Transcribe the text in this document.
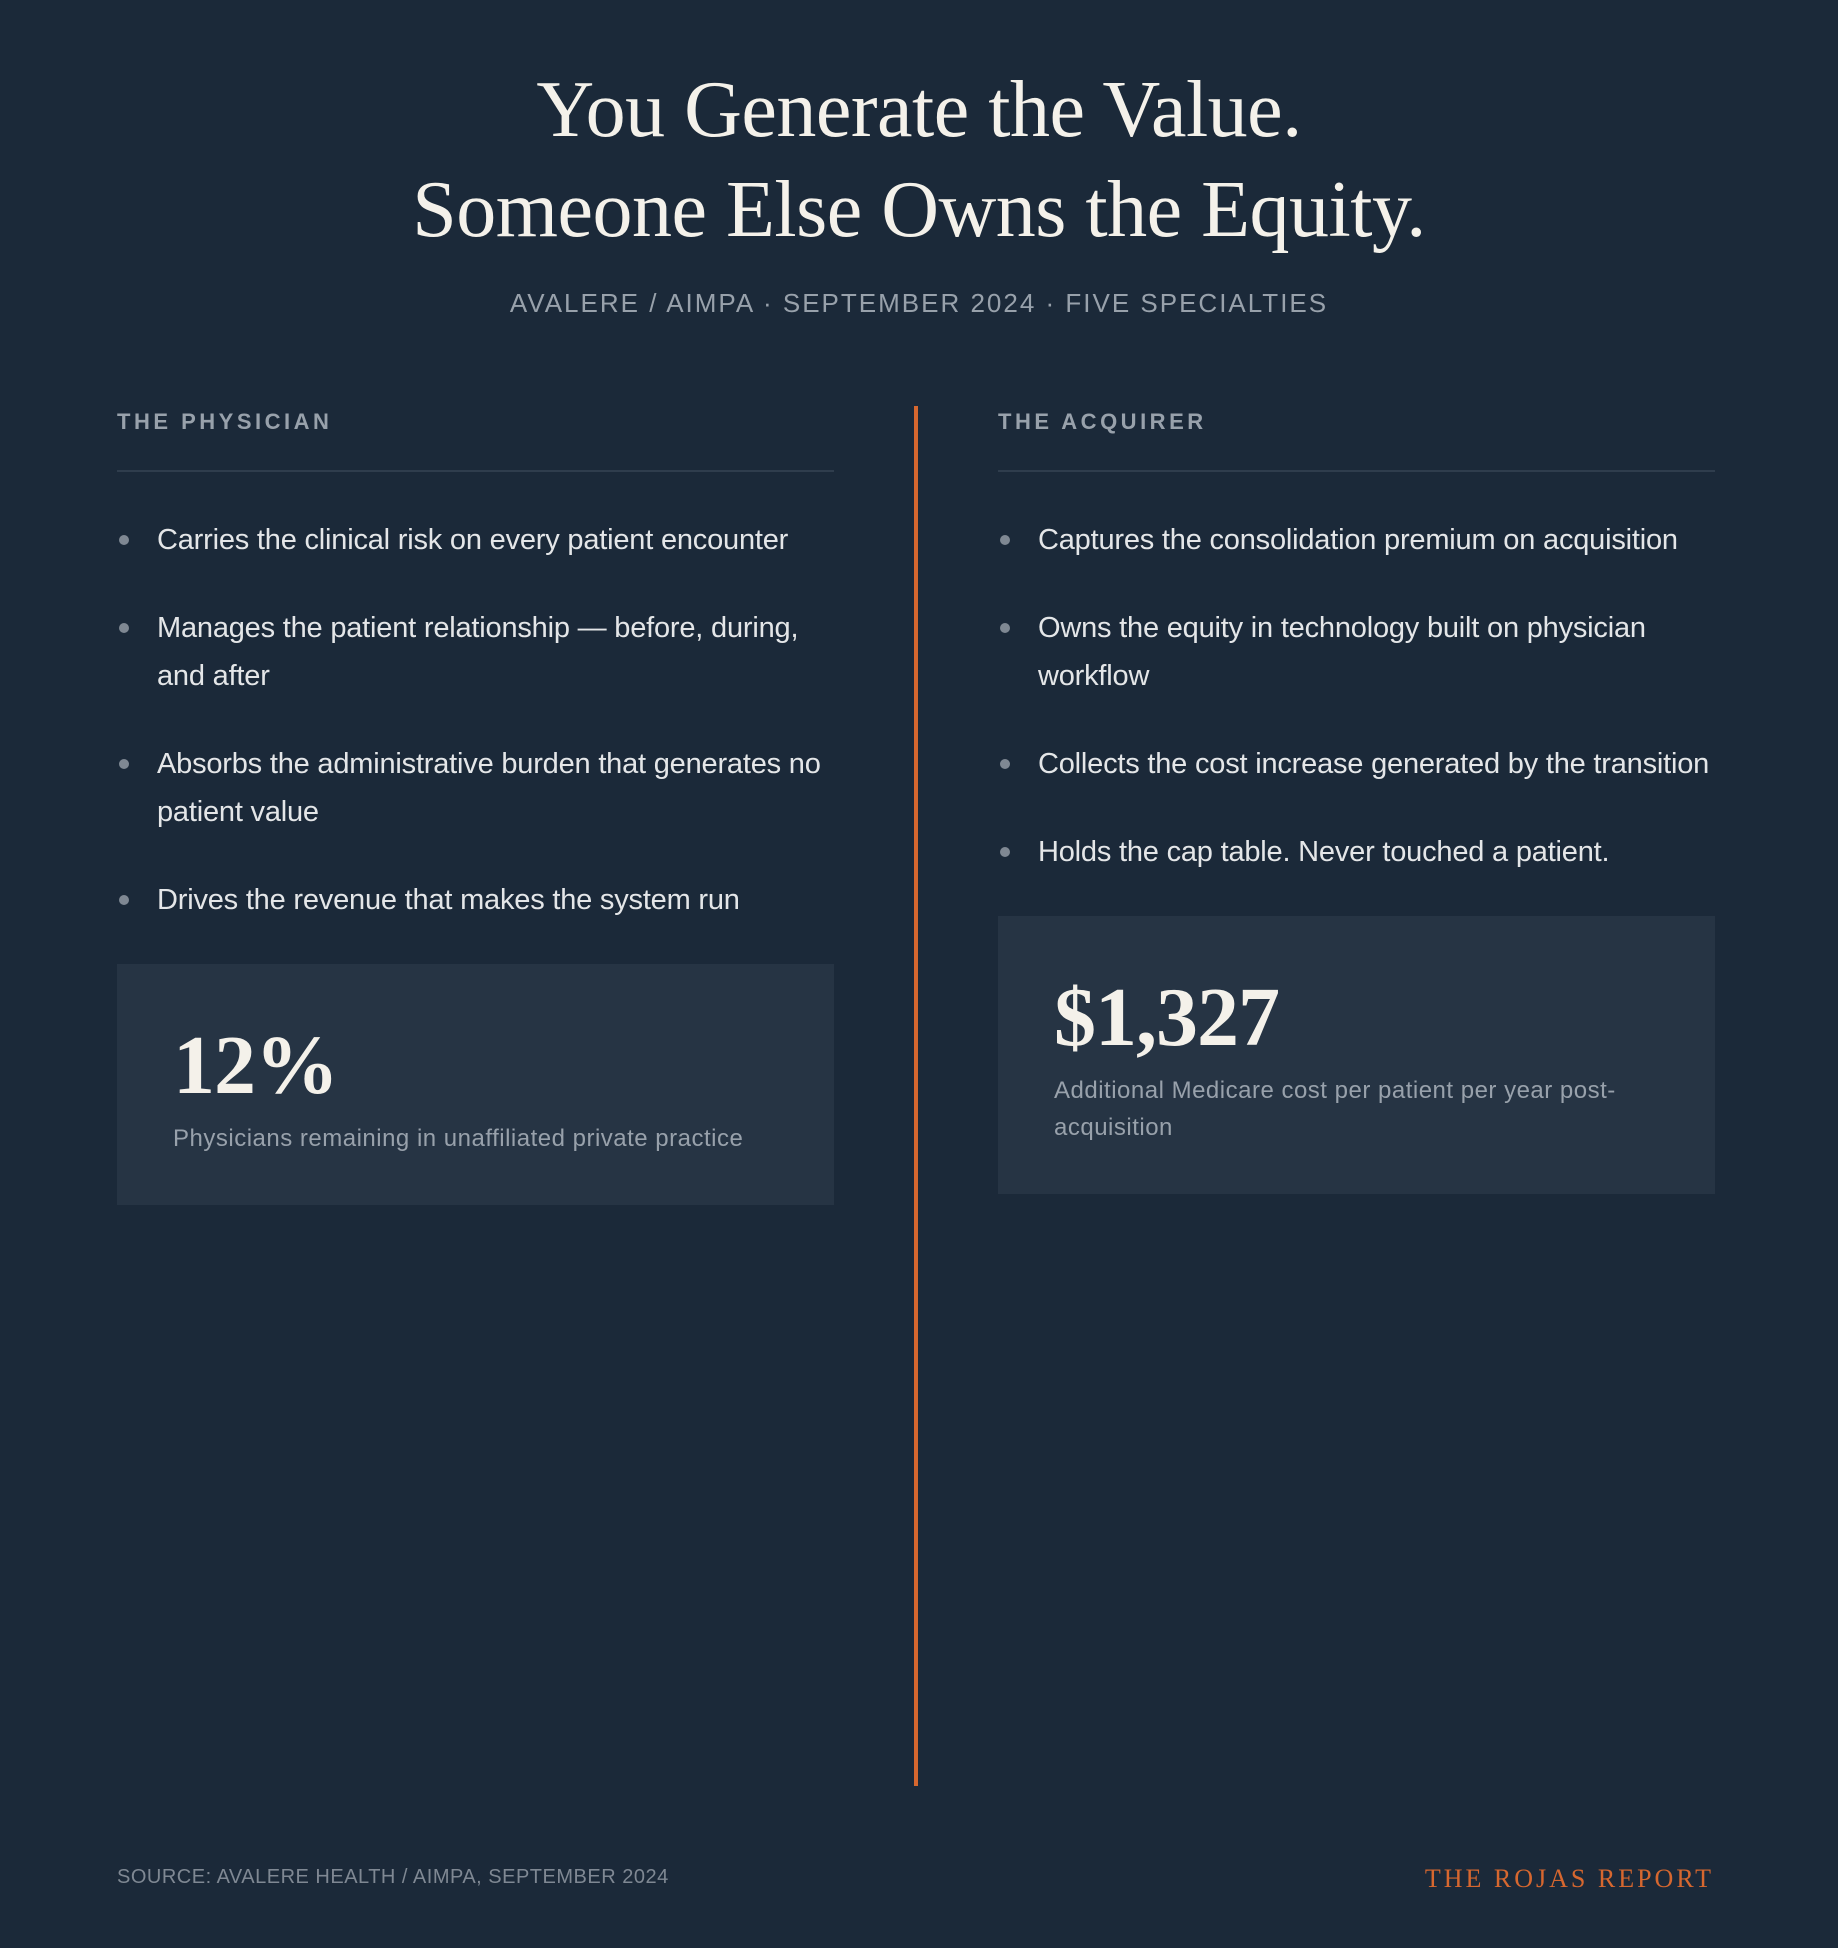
You Generate the Value.
Someone Else Owns the Equity.
AVALERE / AIMPA · SEPTEMBER 2024 · FIVE SPECIALTIES
THE PHYSICIAN
Carries the clinical risk on every patient encounter
Manages the patient relationship — before, during, and after
Absorbs the administrative burden that generates no patient value
Drives the revenue that makes the system run
12%
Physicians remaining in unaffiliated private practice
THE ACQUIRER
Captures the consolidation premium on acquisition
Owns the equity in technology built on physician workflow
Collects the cost increase generated by the transition
Holds the cap table. Never touched a patient.
$1,327
Additional Medicare cost per patient per year post-acquisition
SOURCE: AVALERE HEALTH / AIMPA, SEPTEMBER 2024	THE ROJAS REPORT
